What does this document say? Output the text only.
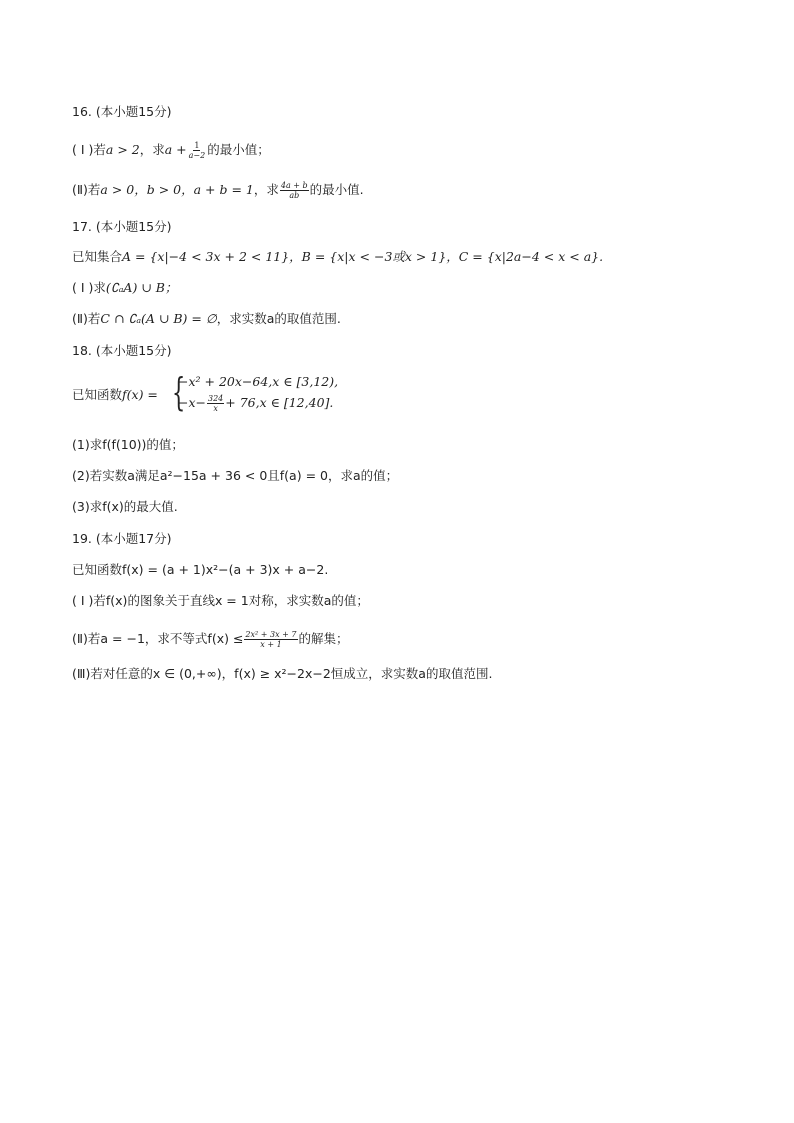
16. (本小题15分)
( Ⅰ )若a > 2，求$a + \frac{1}{a-2}$ 的最小值；
(Ⅱ)若a > 0，b > 0，a + b = 1，求 $\frac{4a + b}{ab}$ 的最小值.
17. (本小题15分)
已知集合A = {x|−4 < 3x + 2 < 11}，B = {x|x < −3或x > 1}，C = {x|2a−4 < x < a}.
( Ⅰ )求(∁ₐA) ∪ B；
(Ⅱ)若C ∩ ∁ₐ(A ∪ B) = ∅，求实数a的取值范围.
18. (本小题15分)
已知函数f(x) = {
−x² + 20x−64,x ∈ [3,12),
$-x- \frac{324}{x} + 76,x$ ∈ [12,40].
(1)求f(f(10))的值；
(2)若实数a满足a²−15a + 36 < 0且f(a) = 0，求a的值；
(3)求f(x)的最大值.
19. (本小题17分)
已知函数f(x) = (a + 1)x²−(a + 3)x + a−2.
( Ⅰ )若f(x)的图象关于直线x = 1对称，求实数a的值；
(Ⅱ)若a = −1，求不等式$f(x) \le \frac{\text{2x² + 3x + 7}}{x + 1}$ 的解集；
(Ⅲ)若对任意的x ∈ (0,+∞)，f(x) ≥ x²−2x−2恒成立，求实数a的取值范围.
